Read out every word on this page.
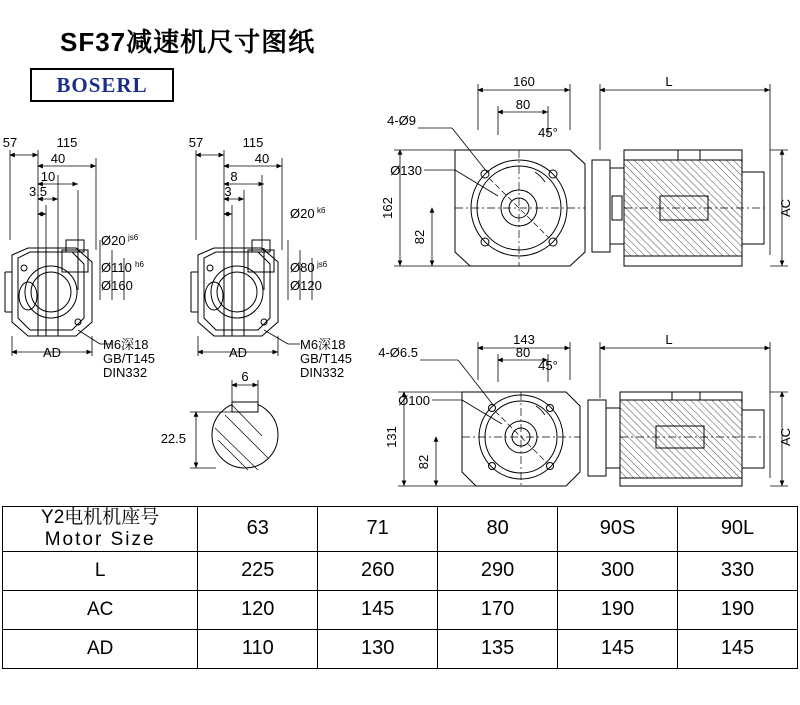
SF37减速机尺寸图纸
BOSERL
57	115
40
10
3.5
Ø20 js6
Ø110 h6
Ø160
AD
M6深18
GB/T145
DIN332
57	115
40
8
3
Ø20 k6
Ø80 js6
Ø120
AD
M6深18
GB/T145
DIN332
6
22.5
160
80
L
45°
4-Ø9
Ø130
162
82
AC
143
80
L
45°
4-Ø6.5
Ø100
131
82
AC
Y2电机机座号
Motor Size	63	71	80	90S	90L
L	225	260	290	300	330
AC	120	145	170	190	190
AD	110	130	135	145	145
